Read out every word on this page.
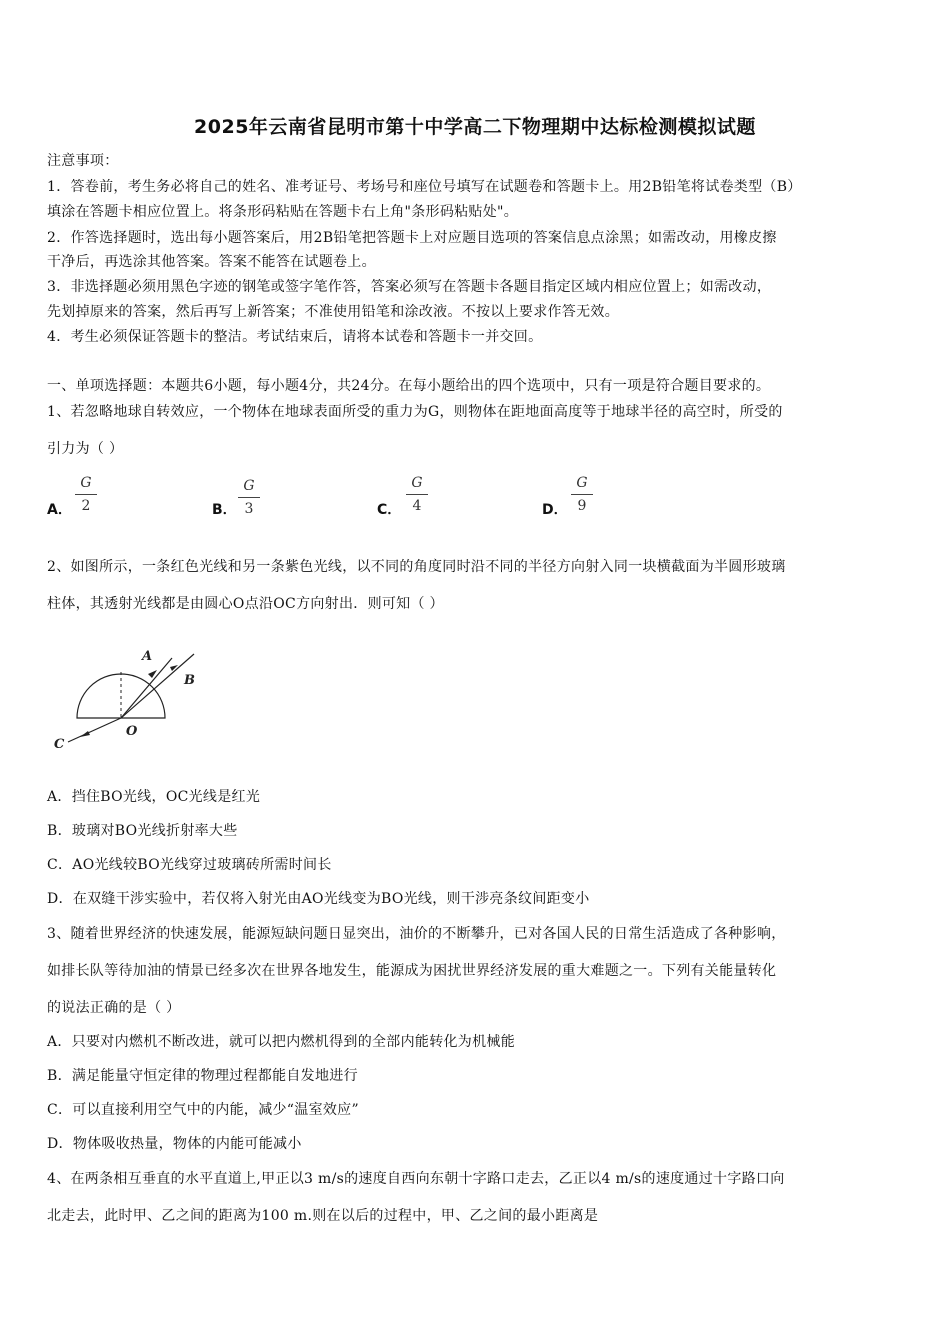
2025年云南省昆明市第十中学高二下物理期中达标检测模拟试题
注意事项：
1．答卷前，考生务必将自己的姓名、准考证号、考场号和座位号填写在试题卷和答题卡上。用2B铅笔将试卷类型（B）
填涂在答题卡相应位置上。将条形码粘贴在答题卡右上角"条形码粘贴处"。
2．作答选择题时，选出每小题答案后，用2B铅笔把答题卡上对应题目选项的答案信息点涂黑；如需改动，用橡皮擦
干净后，再选涂其他答案。答案不能答在试题卷上。
3．非选择题必须用黑色字迹的钢笔或签字笔作答，答案必须写在答题卡各题目指定区域内相应位置上；如需改动，
先划掉原来的答案，然后再写上新答案；不准使用铅笔和涂改液。不按以上要求作答无效。
4．考生必须保证答题卡的整洁。考试结束后，请将本试卷和答题卡一并交回。
一、单项选择题：本题共6小题，每小题4分，共24分。在每小题给出的四个选项中，只有一项是符合题目要求的。
1、若忽略地球自转效应，一个物体在地球表面所受的重力为G，则物体在距地面高度等于地球半径的高空时，所受的
引力为（ ）
A．
G
2	B．
G
3	C．
G
4	D．
G
9
2、如图所示，一条红色光线和另一条紫色光线，以不同的角度同时沿不同的半径方向射入同一块横截面为半圆形玻璃
柱体，其透射光线都是由圆心O点沿OC方向射出．则可知（ ）
A
B
C
O
A．挡住BO光线，OC光线是红光
B．玻璃对BO光线折射率大些
C．AO光线较BO光线穿过玻璃砖所需时间长
D．在双缝干涉实验中，若仅将入射光由AO光线变为BO光线，则干涉亮条纹间距变小
3、随着世界经济的快速发展，能源短缺问题日显突出，油价的不断攀升，已对各国人民的日常生活造成了各种影响，
如排长队等待加油的情景已经多次在世界各地发生，能源成为困扰世界经济发展的重大难题之一。下列有关能量转化
的说法正确的是（ ）
A．只要对内燃机不断改进，就可以把内燃机得到的全部内能转化为机械能
B．满足能量守恒定律的物理过程都能自发地进行
C．可以直接利用空气中的内能，减少“温室效应”
D．物体吸收热量，物体的内能可能减小
4、在两条相互垂直的水平直道上,甲正以3 m/s的速度自西向东朝十字路口走去，乙正以4 m/s的速度通过十字路口向
北走去，此时甲、乙之间的距离为100 m.则在以后的过程中，甲、乙之间的最小距离是
